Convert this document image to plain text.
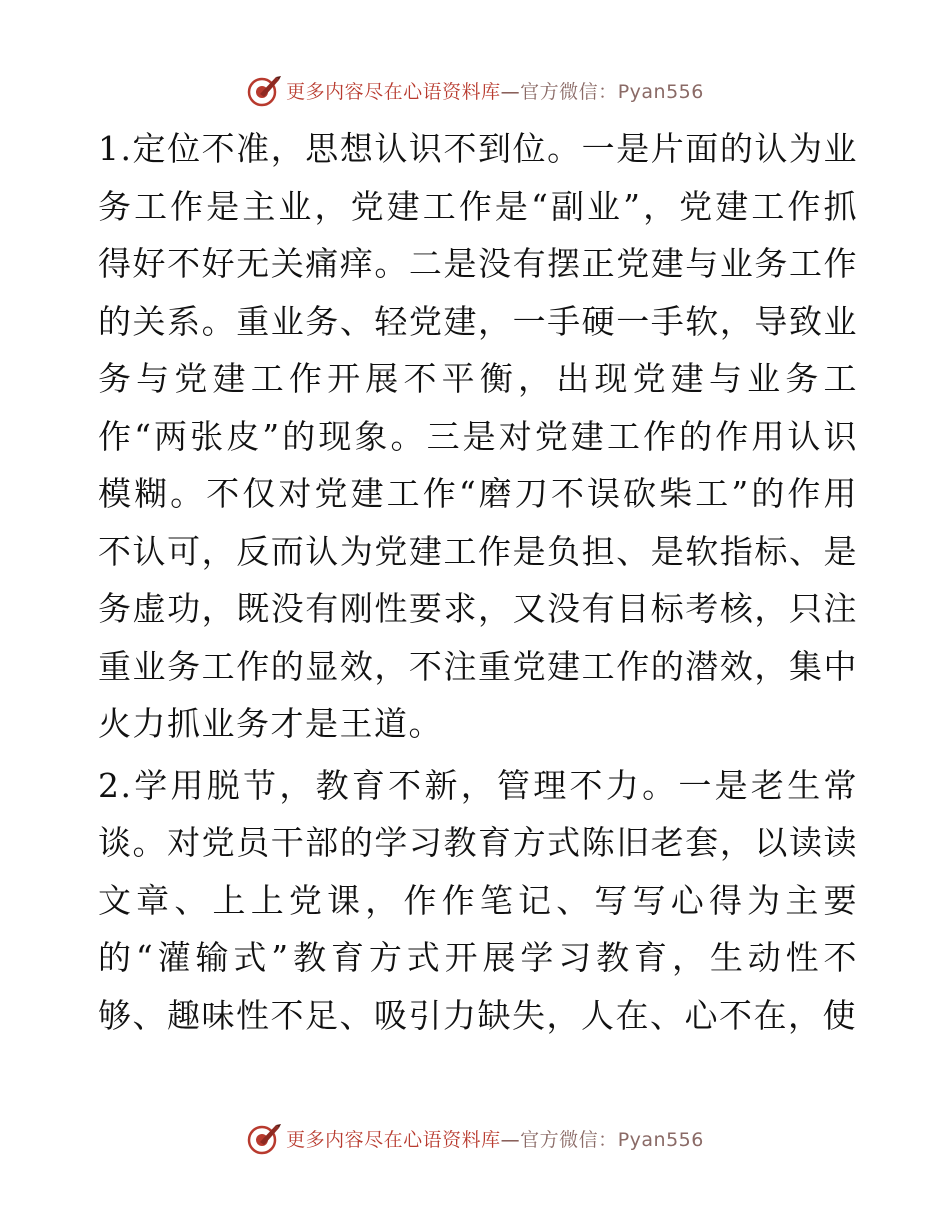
更多内容尽在心语资料库—官方微信：Pyan556

1.定位不准，思想认识不到位。一是片面的认为业务工作是主业，党建工作是“副业”，党建工作抓得好不好无关痛痒。二是没有摆正党建与业务工作的关系。重业务、轻党建，一手硬一手软，导致业务与党建工作开展不平衡，出现党建与业务工作“两张皮”的现象。三是对党建工作的作用认识模糊。不仅对党建工作“磨刀不误砍柴工”的作用不认可，反而认为党建工作是负担、是软指标、是务虚功，既没有刚性要求，又没有目标考核，只注重业务工作的显效，不注重党建工作的潜效，集中火力抓业务才是王道。

2.学用脱节，教育不新，管理不力。一是老生常谈。对党员干部的学习教育方式陈旧老套，以读读文章、上上党课，作作笔记、写写心得为主要的“灌输式”教育方式开展学习教育，生动性不够、趣味性不足、吸引力缺失，人在、心不在，使

更多内容尽在心语资料库—官方微信：Pyan556
